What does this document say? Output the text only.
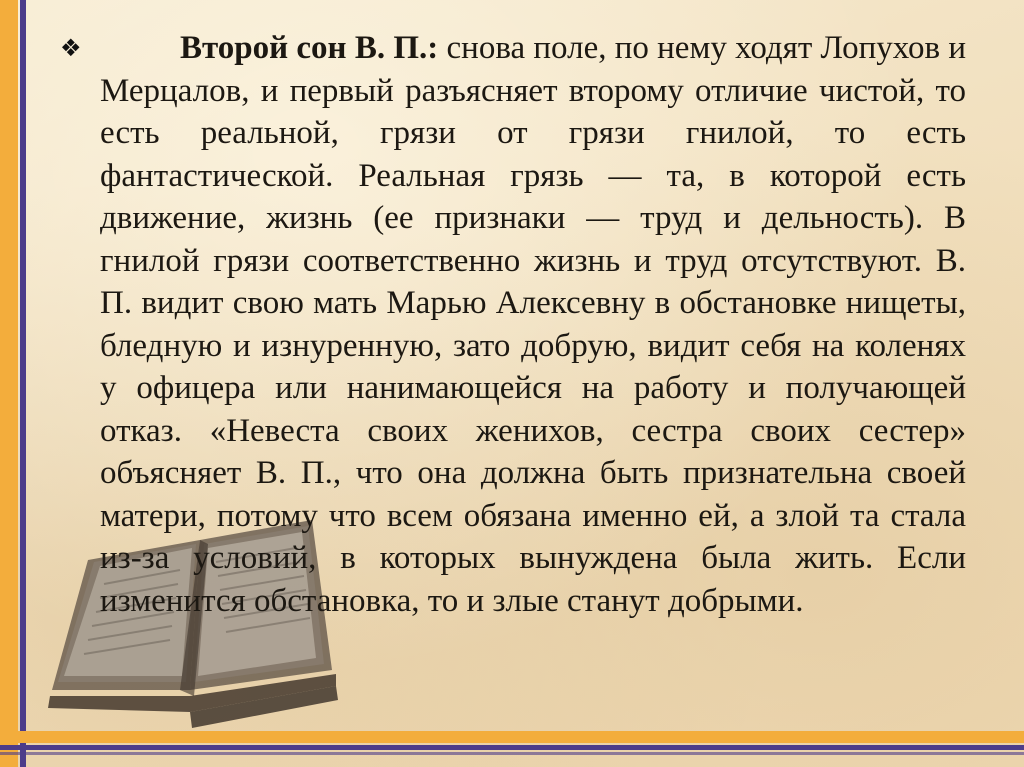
❖	Второй сон В. П.: снова поле, по нему ходят Лопухов и Мерцалов, и первый разъясняет второму отличие чистой, то есть реальной, грязи от грязи гнилой, то есть фантастической. Реальная грязь — та, в которой есть движение, жизнь (ее признаки — труд и дельность). В гнилой грязи соответственно жизнь и труд отсутствуют. В. П. видит свою мать Марью Алексевну в обстановке нищеты, бледную и изнуренную, зато добрую, видит себя на коленях у офицера или нанимающейся на работу и получающей отказ. «Невеста своих женихов, сестра своих сестер» объясняет В. П., что она должна быть признательна своей матери, потому что всем обязана именно ей, а злой та стала из-за условий, в которых вынуждена была жить. Если изменится обстановка, то и злые станут добрыми.
